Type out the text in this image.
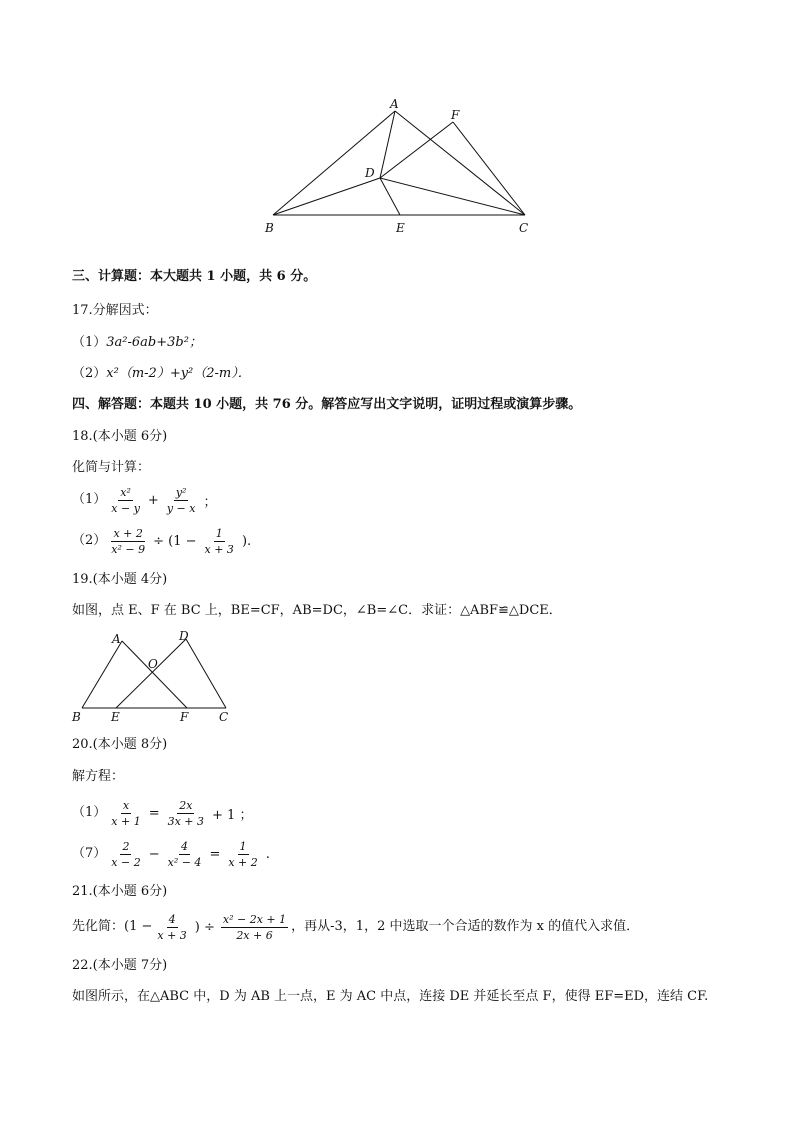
A
F
D
B	E	C
三、计算题：本大题共 1 小题，共 6 分。
17.分解因式：
（1）3a²-6ab+3b²；
（2）x²（m-2）+y²（2-m）．
四、解答题：本题共 10 小题，共 76 分。解答应写出文字说明，证明过程或演算步骤。
18.(本小题 6分)
化简与计算：
$(1) \frac{\text{x²}}{x - y} + \frac{\text{y²}}{y - x}$ ；
$(2) \frac{x + 2}{\text{x² − 9}} \div (1 - \frac{1}{x + 3}$ ).
19.(本小题 4分)
如图，点 E、F 在 BC 上，BE=CF，AB=DC，∠B=∠C．求证：△ABF≌△DCE．
A	D
O
B	E	F	C
20.(本小题 8分)
解方程：
$(1) \frac{x}{x + 1} = \frac{2x}{3x + 3} + 1$ ；
$(7) \frac{2}{x - 2} - \frac{4}{\text{x² − 4}} = \frac{1}{x + 2}$ .
21.(本小题 6分)
先化简：($1 - \frac{4}{x + 3}$ ) ÷ $\frac{\text{x² − 2x + 1}}{2x + 6}$ ，再从-3，1，2 中选取一个合适的数作为 x 的值代入求值．
22.(本小题 7分)
如图所示，在△ABC 中，D 为 AB 上一点，E 为 AC 中点，连接 DE 并延长至点 F，使得 EF=ED，连结 CF.
